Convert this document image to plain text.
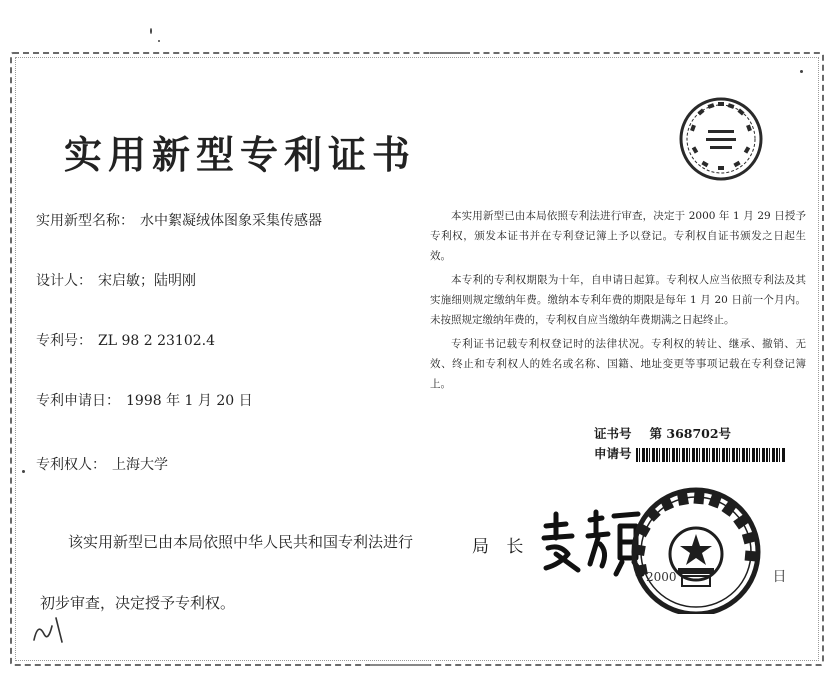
实用新型专利证书
实用新型名称： 水中絮凝绒体图象采集传感器
设计人： 宋启敏；陆明刚
专利号： ZL 98 2 23102.4
专利申请日： 1998 年 1 月 20 日
专利权人： 上海大学
该实用新型已由本局依照中华人民共和国专利法进行初步审查，决定授予专利权。

本实用新型已由本局依照专利法进行审查，决定于 2000 年 1 月 29 日授予专利权，颁发本证书并在专利登记簿上予以登记。专利权自证书颁发之日起生效。

本专利的专利权期限为十年，自申请日起算。专利权人应当依照专利法及其实施细则规定缴纳年费。缴纳本专利年费的期限是每年 1 月 20 日前一个月内。未按照规定缴纳年费的，专利权自应当缴纳年费期满之日起终止。

专利证书记载专利权登记时的法律状况。专利权的转让、继承、撤销、无效、终止和专利权人的姓名或名称、国籍、地址变更等事项记载在专利登记簿上。

证书号 第 368702号
申请号
局 长
2000	日
